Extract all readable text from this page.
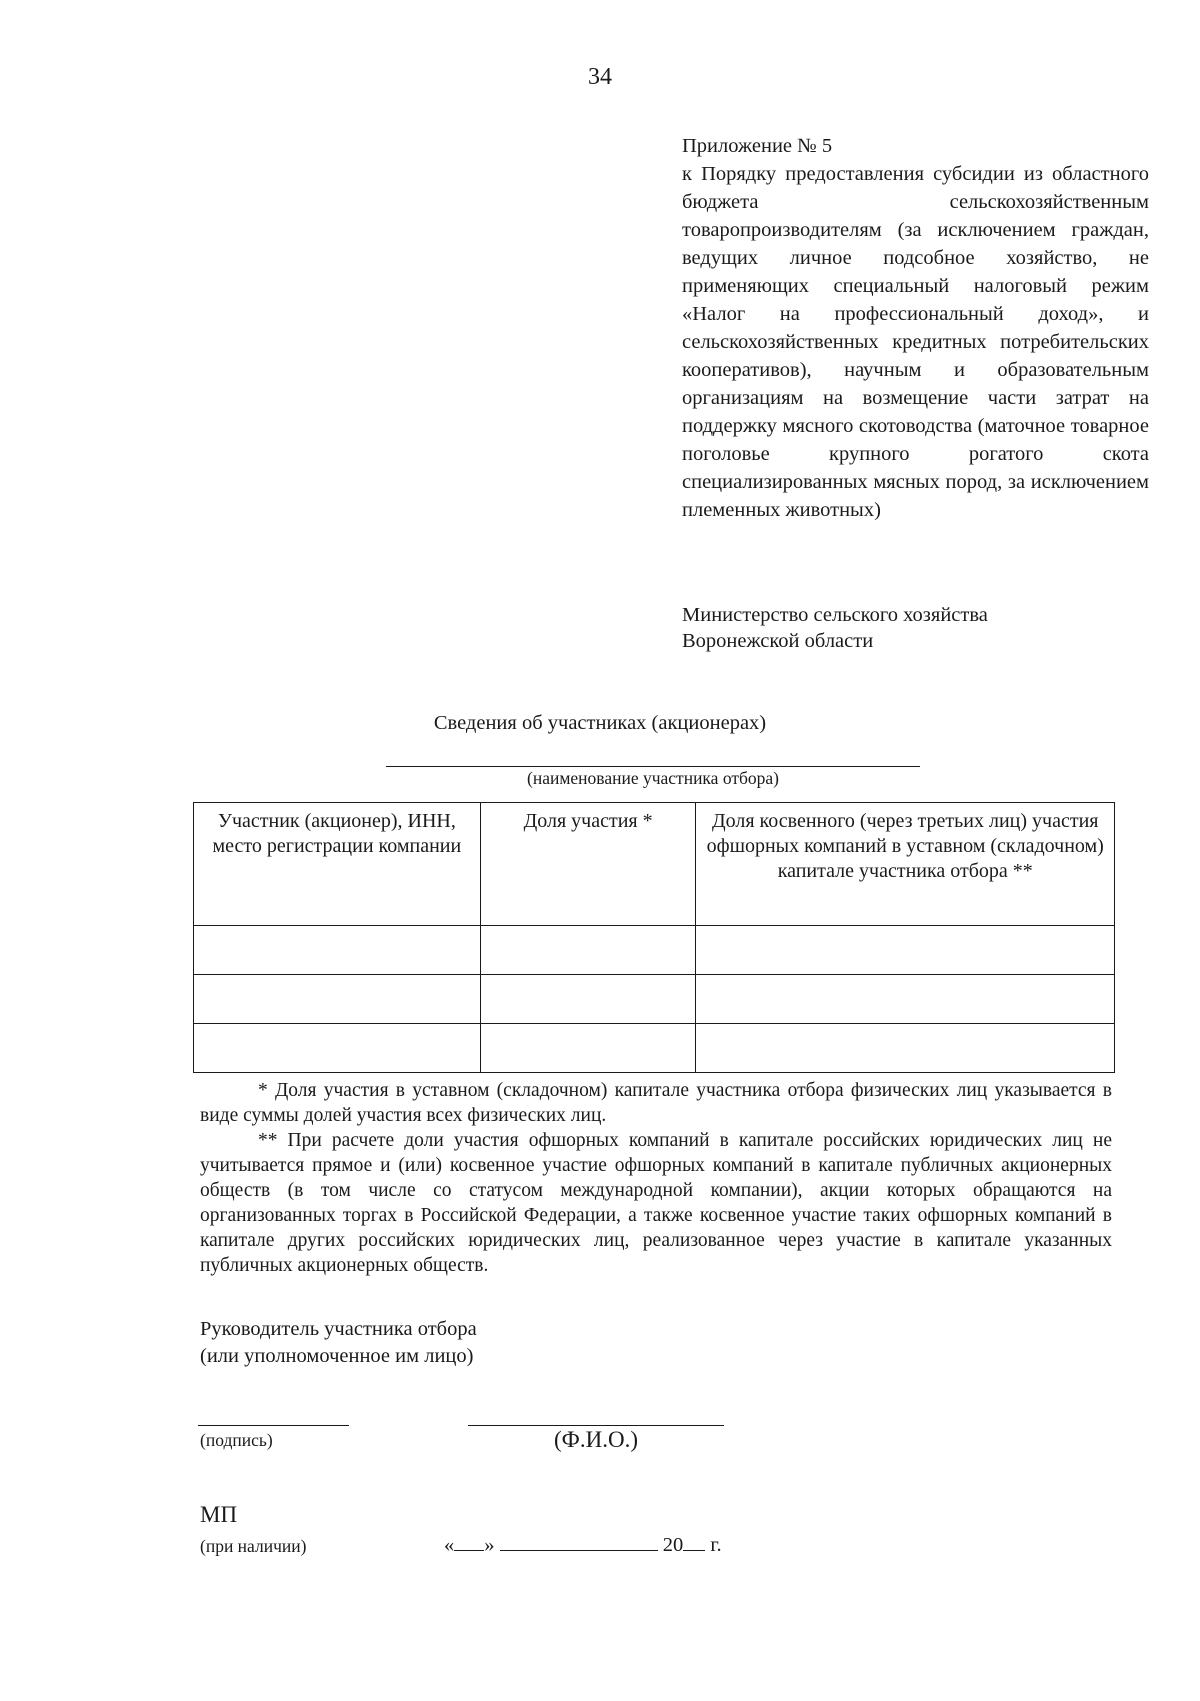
34
Приложение № 5
к Порядку предоставления субсидии из областного бюджета сельскохозяйственным товаропроизводителям (за исключением граждан, ведущих личное подсобное хозяйство, не применяющих специальный налоговый режим «Налог на профессиональный доход», и сельскохозяйственных кредитных потребительских кооперативов), научным и образовательным организациям на возмещение части затрат на поддержку мясного скотоводства (маточное товарное поголовье крупного рогатого скота специализированных мясных пород, за исключением племенных животных)
Министерство сельского хозяйства
Воронежской области
Сведения об участниках (акционерах)
(наименование участника отбора)
Участник (акционер), ИНН, место регистрации компании	Доля участия *	Доля косвенного (через третьих лиц) участия офшорных компаний в уставном (складочном) капитале участника отбора **

* Доля участия в уставном (складочном) капитале участника отбора физических лиц указывается в виде суммы долей участия всех физических лиц.

** При расчете доли участия офшорных компаний в капитале российских юридических лиц не учитывается прямое и (или) косвенное участие офшорных компаний в капитале публичных акционерных обществ (в том числе со статусом международной компании), акции которых обращаются на организованных торгах в Российской Федерации, а также косвенное участие таких офшорных компаний в капитале других российских юридических лиц, реализованное через участие в капитале указанных публичных акционерных обществ.

Руководитель участника отбора
(или уполномоченное им лицо)
(подпись)	(Ф.И.О.)
МП
(при наличии)	« »	20 г.
